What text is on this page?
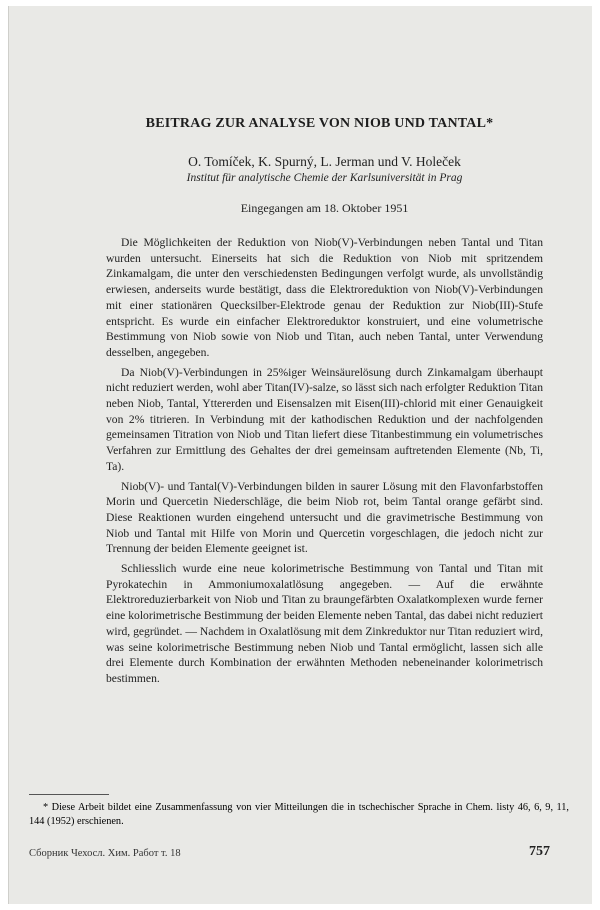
BEITRAG ZUR ANALYSE VON NIOB UND TANTAL*
O. Tomíček, K. Spurný, L. Jerman und V. Holeček
Institut für analytische Chemie der Karlsuniversität in Prag
Eingegangen am 18. Oktober 1951

Die Möglichkeiten der Reduktion von Niob(V)-Verbindungen neben Tantal und Titan wurden untersucht. Einerseits hat sich die Reduktion von Niob mit spritzendem Zinkamalgam, die unter den verschiedensten Bedingungen verfolgt wurde, als unvollständig erwiesen, anderseits wurde bestätigt, dass die Elektroreduktion von Niob(V)-Verbindungen mit einer stationären Quecksilber-Elektrode genau der Reduktion zur Niob(III)-Stufe entspricht. Es wurde ein einfacher Elektroreduktor konstruiert, und eine volumetrische Bestimmung von Niob sowie von Niob und Titan, auch neben Tantal, unter Verwendung desselben, angegeben.

Da Niob(V)-Verbindungen in 25%iger Weinsäurelösung durch Zinkamalgam überhaupt nicht reduziert werden, wohl aber Titan(IV)-salze, so lässt sich nach erfolgter Reduktion Titan neben Niob, Tantal, Yttererden und Eisensalzen mit Eisen(III)-chlorid mit einer Genauigkeit von 2% titrieren. In Verbindung mit der kathodischen Reduktion und der nachfolgenden gemeinsamen Titration von Niob und Titan liefert diese Titanbestimmung ein volumetrisches Verfahren zur Ermittlung des Gehaltes der drei gemeinsam auftretenden Elemente (Nb, Ti, Ta).

Niob(V)- und Tantal(V)-Verbindungen bilden in saurer Lösung mit den Flavonfarbstoffen Morin und Quercetin Niederschläge, die beim Niob rot, beim Tantal orange gefärbt sind. Diese Reaktionen wurden eingehend untersucht und die gravimetrische Bestimmung von Niob und Tantal mit Hilfe von Morin und Quercetin vorgeschlagen, die jedoch nicht zur Trennung der beiden Elemente geeignet ist.

Schliesslich wurde eine neue kolorimetrische Bestimmung von Tantal und Titan mit Pyrokatechin in Ammoniumoxalatlösung angegeben. — Auf die erwähnte Elektroreduzierbarkeit von Niob und Titan zu braungefärbten Oxalatkomplexen wurde ferner eine kolorimetrische Bestimmung der beiden Elemente neben Tantal, das dabei nicht reduziert wird, gegründet. — Nachdem in Oxalatlösung mit dem Zinkreduktor nur Titan reduziert wird, was seine kolorimetrische Bestimmung neben Niob und Tantal ermöglicht, lassen sich alle drei Elemente durch Kombination der erwähnten Methoden nebeneinander kolorimetrisch bestimmen.

* Diese Arbeit bildet eine Zusammenfassung von vier Mitteilungen die in tschechischer Sprache in Chem. listy 46, 6, 9, 11, 144 (1952) erschienen.
Сборник Чехосл. Хим. Работ т. 18	757
